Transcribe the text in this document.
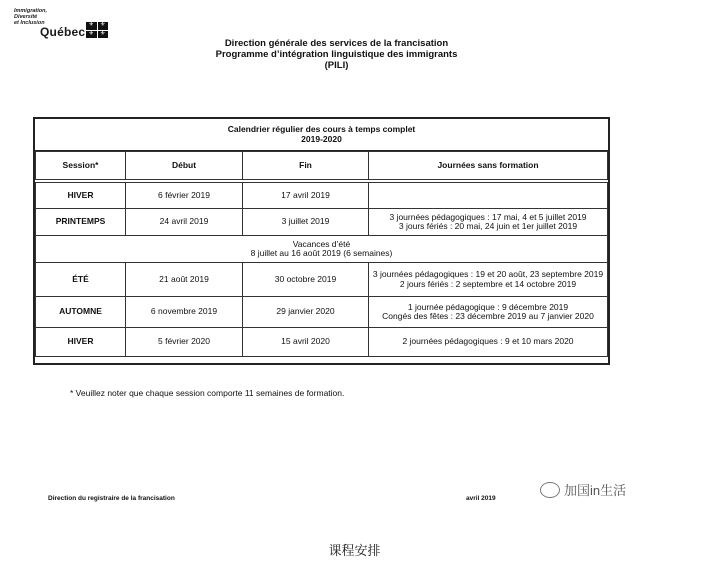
Immigration,
Diversité
et Inclusion
Québec ⚜	⚜
⚜	⚜
Direction générale des services de la francisation
Programme d’intégration linguistique des immigrants
(PILI)
Calendrier régulier des cours à temps complet
2019-2020
Session*	Début	Fin	Journées sans formation

HIVER	6 février 2019	17 avril 2019	
PRINTEMPS	24 avril 2019	3 juillet 2019	3 journées pédagogiques : 17 mai, 4 et 5 juillet 2019
3 jours fériés : 20 mai, 24 juin et 1er juillet 2019

Vacances d’été
8 juillet au 16 août 2019 (6 semaines)			

ÉTÉ	21 août 2019	30 octobre 2019	3 journées pédagogiques : 19 et 20 août, 23 septembre 2019
2 jours fériés : 2 septembre et 14 octobre 2019
AUTOMNE	6 novembre 2019	29 janvier 2020	1 journée pédagogique : 9 décembre 2019
Congés des fêtes : 23 décembre 2019 au 7 janvier 2020
HIVER	5 février 2020	15 avril 2020	2 journées pédagogiques : 9 et 10 mars 2020
* Veuillez noter que chaque session comporte 11 semaines de formation.
Direction du registraire de la francisation	avril 2019
加国in生活
课程安排
